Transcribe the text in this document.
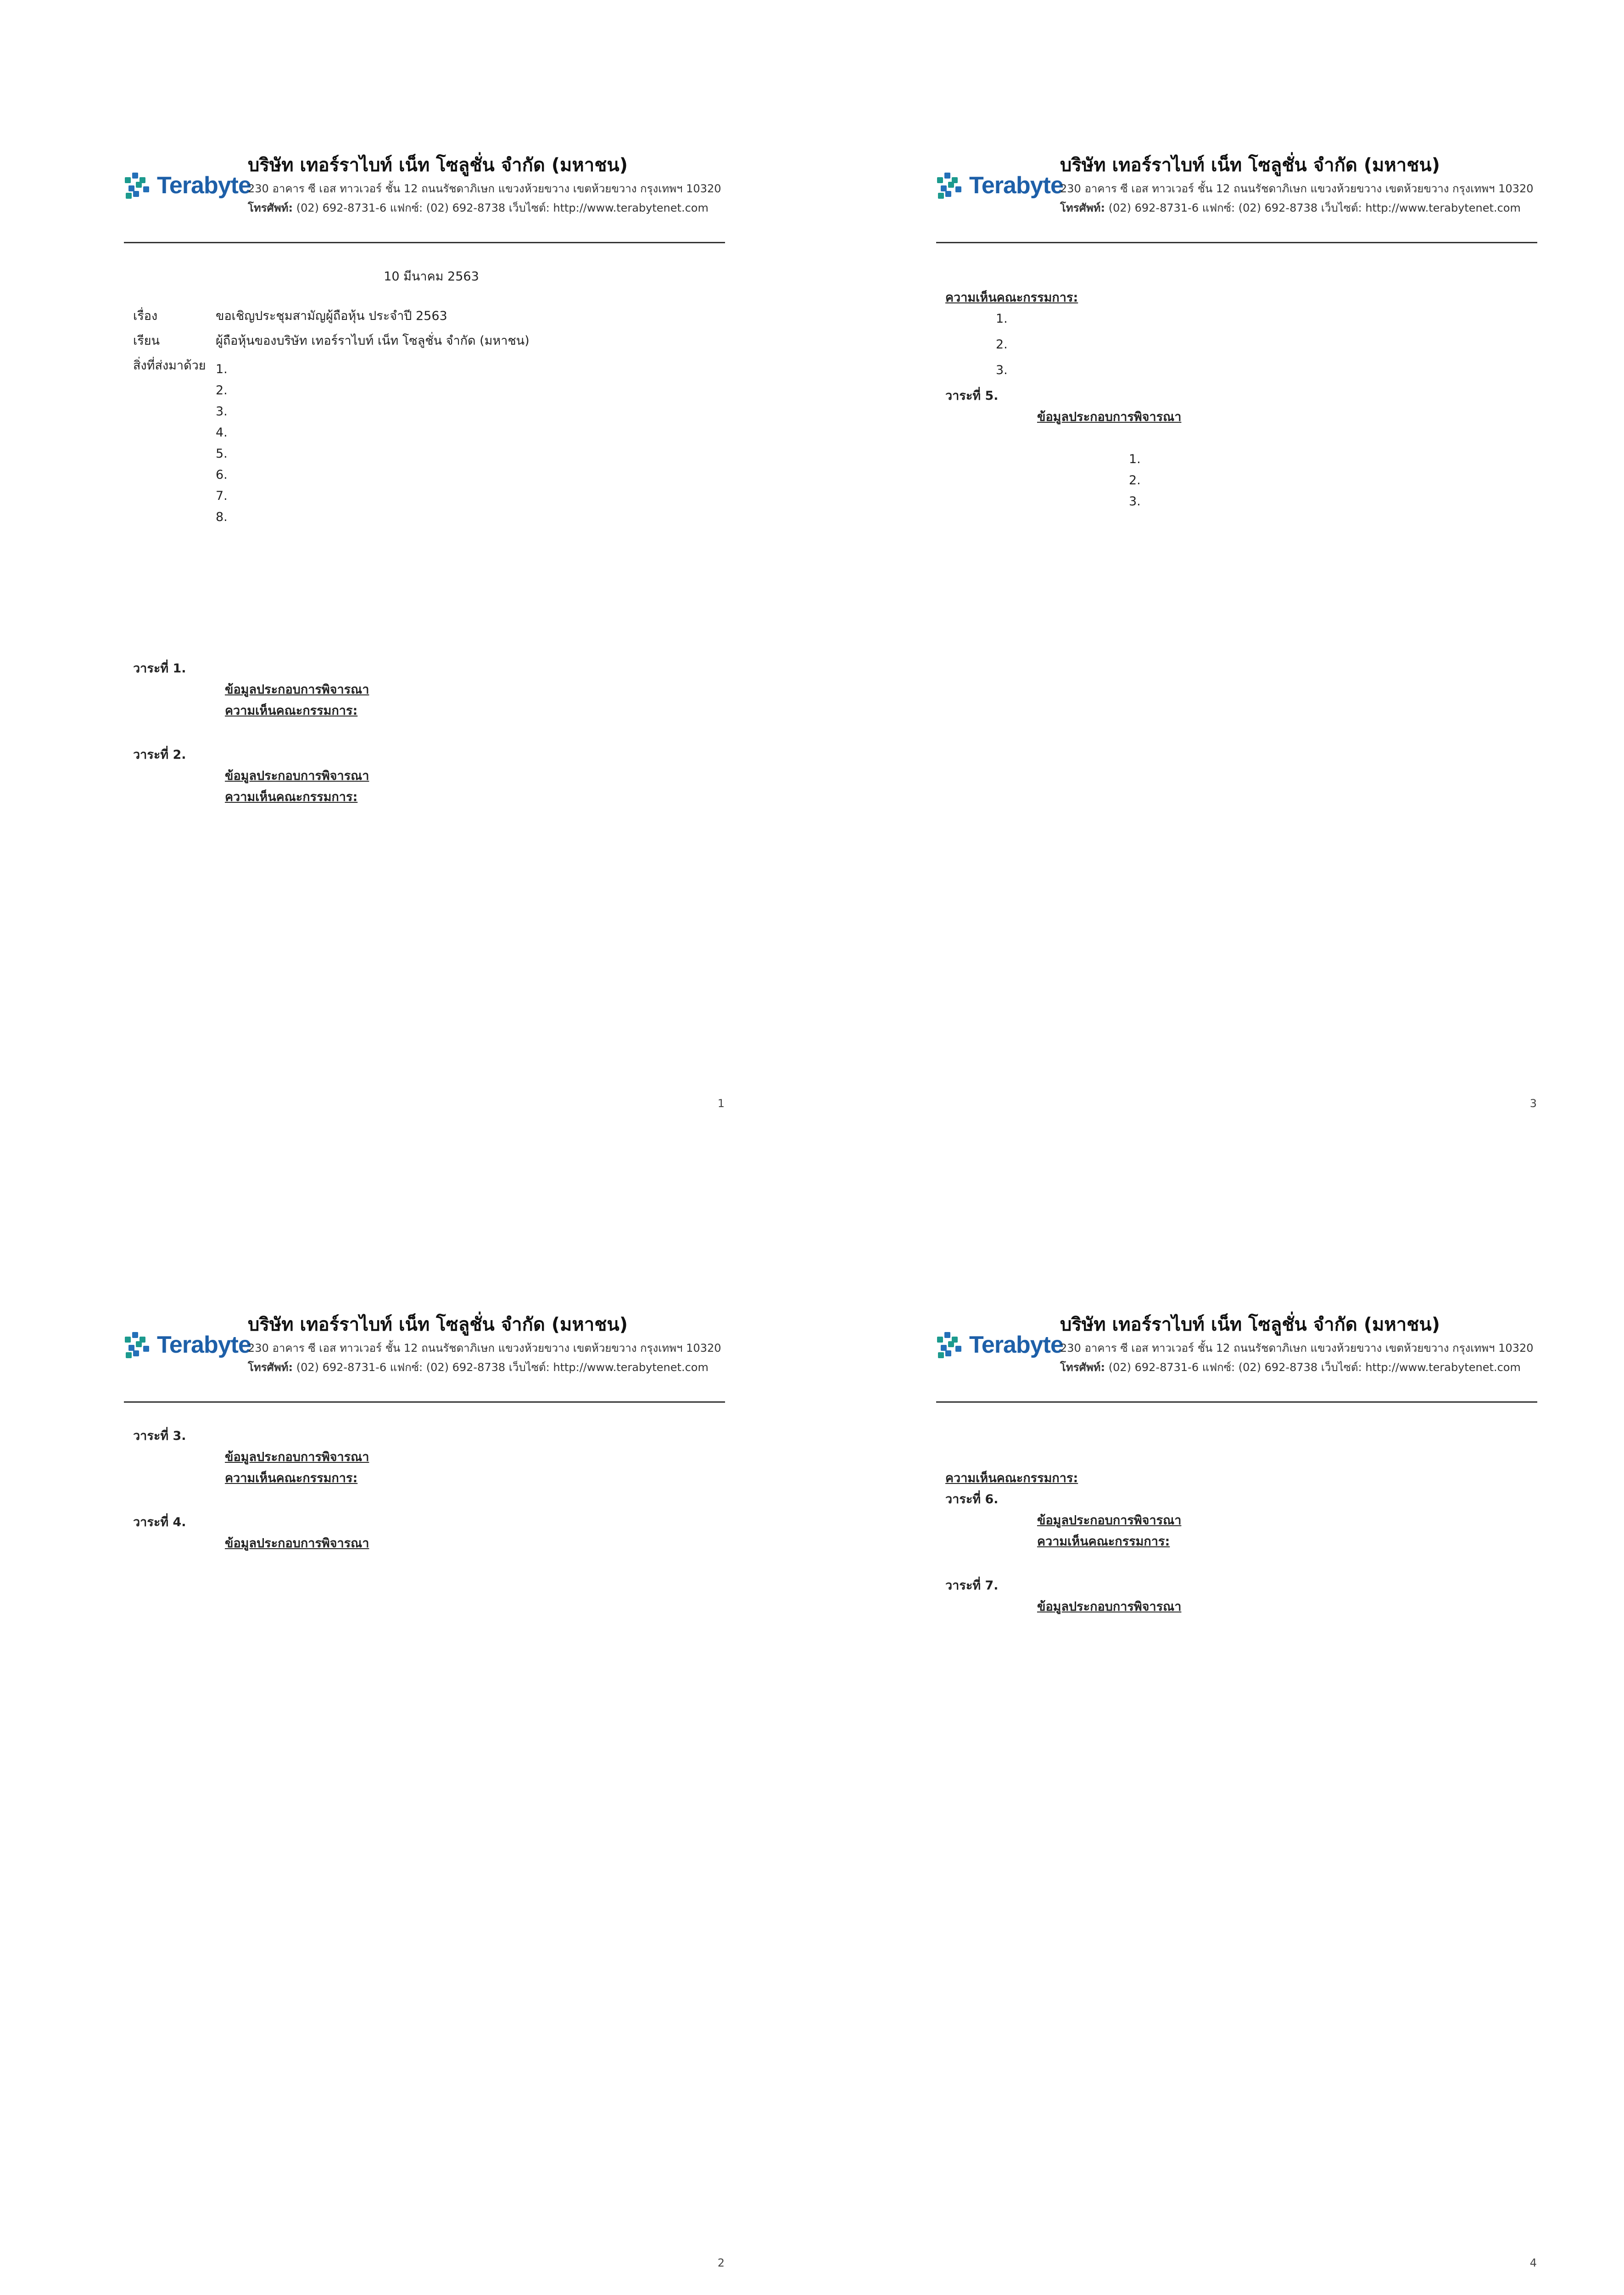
Terabyte
บริษัท เทอร์ราไบท์ เน็ท โซลูชั่น จำกัด (มหาชน)
230 อาคาร ซี เอส ทาวเวอร์ ชั้น 12 ถนนรัชดาภิเษก แขวงห้วยขวาง เขตห้วยขวาง กรุงเทพฯ 10320
โทรศัพท์: (02) 692-8731-6 แฟกซ์: (02) 692-8738 เว็บไซต์: http://www.terabytenet.com
10 มีนาคม 2563
เรื่อง	ขอเชิญประชุมสามัญผู้ถือหุ้น ประจำปี 2563
เรียน	ผู้ถือหุ้นของบริษัท เทอร์ราไบท์ เน็ท โซลูชั่น จำกัด (มหาชน)
สิ่งที่ส่งมาด้วย 1.
2.
3.
4.
5.
6.
7.
8.

วาระที่ 1.
ข้อมูลประกอบการพิจารณา
ความเห็นคณะกรรมการ:
วาระที่ 2.
ข้อมูลประกอบการพิจารณา
ความเห็นคณะกรรมการ:
1
Terabyte
บริษัท เทอร์ราไบท์ เน็ท โซลูชั่น จำกัด (มหาชน)
230 อาคาร ซี เอส ทาวเวอร์ ชั้น 12 ถนนรัชดาภิเษก แขวงห้วยขวาง เขตห้วยขวาง กรุงเทพฯ 10320
โทรศัพท์: (02) 692-8731-6 แฟกซ์: (02) 692-8738 เว็บไซต์: http://www.terabytenet.com

ความเห็นคณะกรรมการ:
1.
2.
3.
วาระที่ 5.
ข้อมูลประกอบการพิจารณา

1.
2.
3.

3
Terabyte
บริษัท เทอร์ราไบท์ เน็ท โซลูชั่น จำกัด (มหาชน)
230 อาคาร ซี เอส ทาวเวอร์ ชั้น 12 ถนนรัชดาภิเษก แขวงห้วยขวาง เขตห้วยขวาง กรุงเทพฯ 10320
โทรศัพท์: (02) 692-8731-6 แฟกซ์: (02) 692-8738 เว็บไซต์: http://www.terabytenet.com
วาระที่ 3.
ข้อมูลประกอบการพิจารณา
ความเห็นคณะกรรมการ:
วาระที่ 4.
ข้อมูลประกอบการพิจารณา

2
Terabyte
บริษัท เทอร์ราไบท์ เน็ท โซลูชั่น จำกัด (มหาชน)
230 อาคาร ซี เอส ทาวเวอร์ ชั้น 12 ถนนรัชดาภิเษก แขวงห้วยขวาง เขตห้วยขวาง กรุงเทพฯ 10320
โทรศัพท์: (02) 692-8731-6 แฟกซ์: (02) 692-8738 เว็บไซต์: http://www.terabytenet.com

ความเห็นคณะกรรมการ:
วาระที่ 6.
ข้อมูลประกอบการพิจารณา
ความเห็นคณะกรรมการ:
วาระที่ 7.
ข้อมูลประกอบการพิจารณา
4
